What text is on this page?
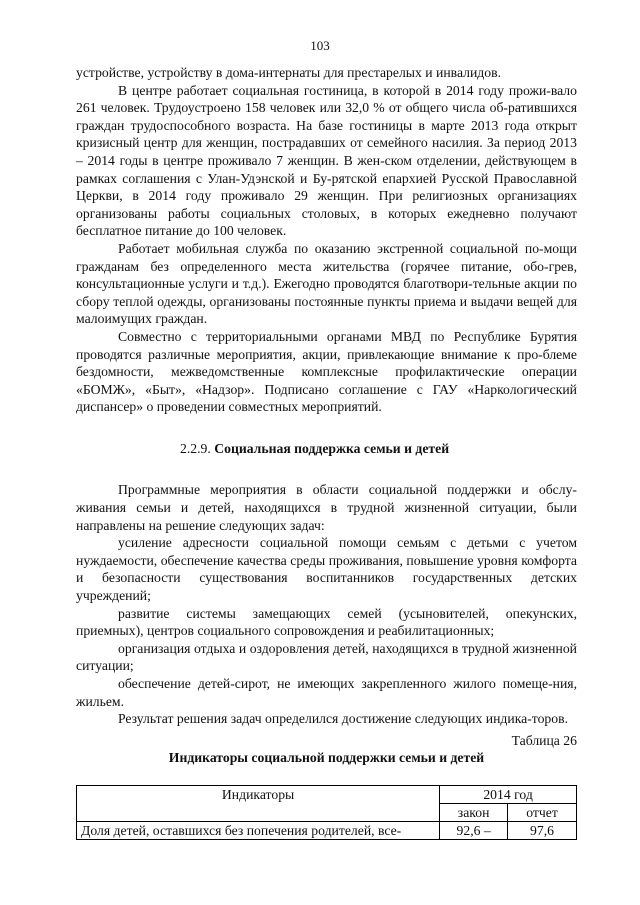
103

устройстве, устройству в дома-интернаты для престарелых и инвалидов.

В центре работает социальная гостиница, в которой в 2014 году прожи-вало 261 человек. Трудоустроено 158 человек или 32,0 % от общего числа об-ратившихся граждан трудоспособного возраста. На базе гостиницы в марте 2013 года открыт кризисный центр для женщин, пострадавших от семейного насилия. За период 2013 – 2014 годы в центре проживало 7 женщин. В жен-ском отделении, действующем в рамках соглашения с Улан-Удэнской и Бу-рятской епархией Русской Православной Церкви, в 2014 году проживало 29 женщин. При религиозных организациях организованы работы социальных столовых, в которых ежедневно получают бесплатное питание до 100 человек.

Работает мобильная служба по оказанию экстренной социальной по-мощи гражданам без определенного места жительства (горячее питание, обо-грев, консультационные услуги и т.д.). Ежегодно проводятся благотвори-тельные акции по сбору теплой одежды, организованы постоянные пункты приема и выдачи вещей для малоимущих граждан.

Совместно с территориальными органами МВД по Республике Бурятия проводятся различные мероприятия, акции, привлекающие внимание к про-блеме бездомности, межведомственные комплексные профилактические операции «БОМЖ», «Быт», «Надзор». Подписано соглашение с ГАУ «Наркологический диспансер» о проведении совместных мероприятий.

2.2.9. Социальная поддержка семьи и детей

Программные мероприятия в области социальной поддержки и обслу-живания семьи и детей, находящихся в трудной жизненной ситуации, были направлены на решение следующих задач:

усиление адресности социальной помощи семьям с детьми с учетом нуждаемости, обеспечение качества среды проживания, повышение уровня комфорта и безопасности существования воспитанников государственных детских учреждений;

развитие системы замещающих семей (усыновителей, опекунских, приемных), центров социального сопровождения и реабилитационных;

организация отдыха и оздоровления детей, находящихся в трудной жизненной ситуации;

обеспечение детей-сирот, не имеющих закрепленного жилого помеще-ния, жильем.

Результат решения задач определился достижение следующих индика-торов.

Таблица 26
Индикаторы социальной поддержки семьи и детей
Индикаторы	2014 год	
	закон	отчет
Доля детей, оставшихся без попечения родителей, все-	92,6 –	97,6
